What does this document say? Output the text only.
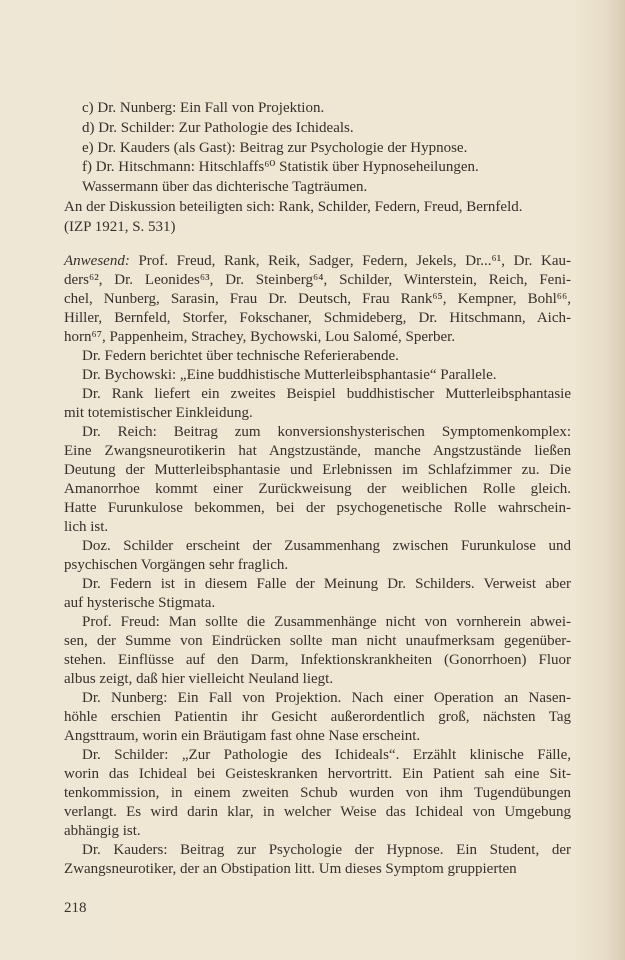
c) Dr. Nunberg: Ein Fall von Projektion.
d) Dr. Schilder: Zur Pathologie des Ichideals.
e) Dr. Kauders (als Gast): Beitrag zur Psychologie der Hypnose.
f) Dr. Hitschmann: Hitschlaffs⁶⁰ Statistik über Hypnoseheilungen.
Wassermann über das dichterische Tagträumen.
An der Diskussion beteiligten sich: Rank, Schilder, Federn, Freud, Bernfeld.
(IZP 1921, S. 531)
Anwesend: Prof. Freud, Rank, Reik, Sadger, Federn, Jekels, Dr...⁶¹, Dr. Kau-
ders⁶², Dr. Leonides⁶³, Dr. Steinberg⁶⁴, Schilder, Winterstein, Reich, Feni-
chel, Nunberg, Sarasin, Frau Dr. Deutsch, Frau Rank⁶⁵, Kempner, Bohl⁶⁶,
Hiller, Bernfeld, Storfer, Fokschaner, Schmideberg, Dr. Hitschmann, Aich-
horn⁶⁷, Pappenheim, Strachey, Bychowski, Lou Salomé, Sperber.
Dr. Federn berichtet über technische Referierabende.
Dr. Bychowski: „Eine buddhistische Mutterleibsphantasie“ Parallele.
Dr. Rank liefert ein zweites Beispiel buddhistischer Mutterleibsphantasie
mit totemistischer Einkleidung.
Dr. Reich: Beitrag zum konversionshysterischen Symptomenkomplex:
Eine Zwangsneurotikerin hat Angstzustände, manche Angstzustände ließen
Deutung der Mutterleibsphantasie und Erlebnissen im Schlafzimmer zu. Die
Amanorrhoe kommt einer Zurückweisung der weiblichen Rolle gleich.
Hatte Furunkulose bekommen, bei der psychogenetische Rolle wahrschein-
lich ist.
Doz. Schilder erscheint der Zusammenhang zwischen Furunkulose und
psychischen Vorgängen sehr fraglich.
Dr. Federn ist in diesem Falle der Meinung Dr. Schilders. Verweist aber
auf hysterische Stigmata.
Prof. Freud: Man sollte die Zusammenhänge nicht von vornherein abwei-
sen, der Summe von Eindrücken sollte man nicht unaufmerksam gegenüber-
stehen. Einflüsse auf den Darm, Infektionskrankheiten (Gonorrhoen) Fluor
albus zeigt, daß hier vielleicht Neuland liegt.
Dr. Nunberg: Ein Fall von Projektion. Nach einer Operation an Nasen-
höhle erschien Patientin ihr Gesicht außerordentlich groß, nächsten Tag
Angsttraum, worin ein Bräutigam fast ohne Nase erscheint.
Dr. Schilder: „Zur Pathologie des Ichideals“. Erzählt klinische Fälle,
worin das Ichideal bei Geisteskranken hervortritt. Ein Patient sah eine Sit-
tenkommission, in einem zweiten Schub wurden von ihm Tugendübungen
verlangt. Es wird darin klar, in welcher Weise das Ichideal von Umgebung
abhängig ist.
Dr. Kauders: Beitrag zur Psychologie der Hypnose. Ein Student, der
Zwangsneurotiker, der an Obstipation litt. Um dieses Symptom gruppierten
218
